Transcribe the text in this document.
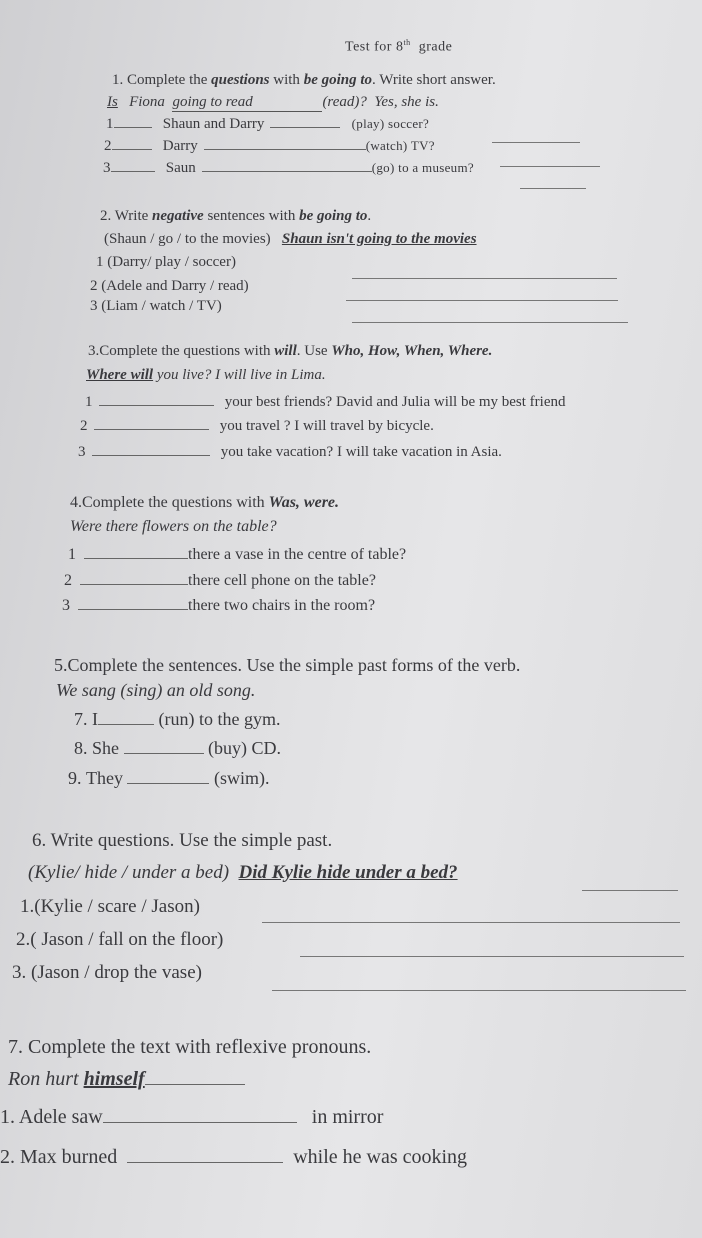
Test for 8th grade
1. Complete the questions with be going to. Write short answer.
Is Fiona going to read	(read)? Yes, she is.
1	Shaun and Darry	(play) soccer?
2	Darry	(watch) TV?
3	Saun	(go) to a museum?
2. Write negative sentences with be going to.
(Shaun / go / to the movies) Shaun isn't going to the movies
1 (Darry/ play / soccer)
2 (Adele and Darry / read)
3 (Liam / watch / TV)
3.Complete the questions with will. Use Who, How, When, Where.
Where will you live? I will live in Lima.
1	your best friends? David and Julia will be my best friend
2	you travel ? I will travel by bicycle.
3	you take vacation? I will take vacation in Asia.
4.Complete the questions with Was, were.
Were there flowers on the table?
1	there a vase in the centre of table?
2	there cell phone on the table?
3	there two chairs in the room?
5.Complete the sentences. Use the simple past forms of the verb.
We sang (sing) an old song.
7. I	(run) to the gym.
8. She	(buy) CD.
9. They	(swim).
6. Write questions. Use the simple past.
(Kylie/ hide / under a bed) Did Kylie hide under a bed?
1.(Kylie / scare / Jason)
2.( Jason / fall on the floor)
3. (Jason / drop the vase)
7. Complete the text with reflexive pronouns.
Ron hurt himself
1. Adele saw	in mirror
2. Max burned	while he was cooking
